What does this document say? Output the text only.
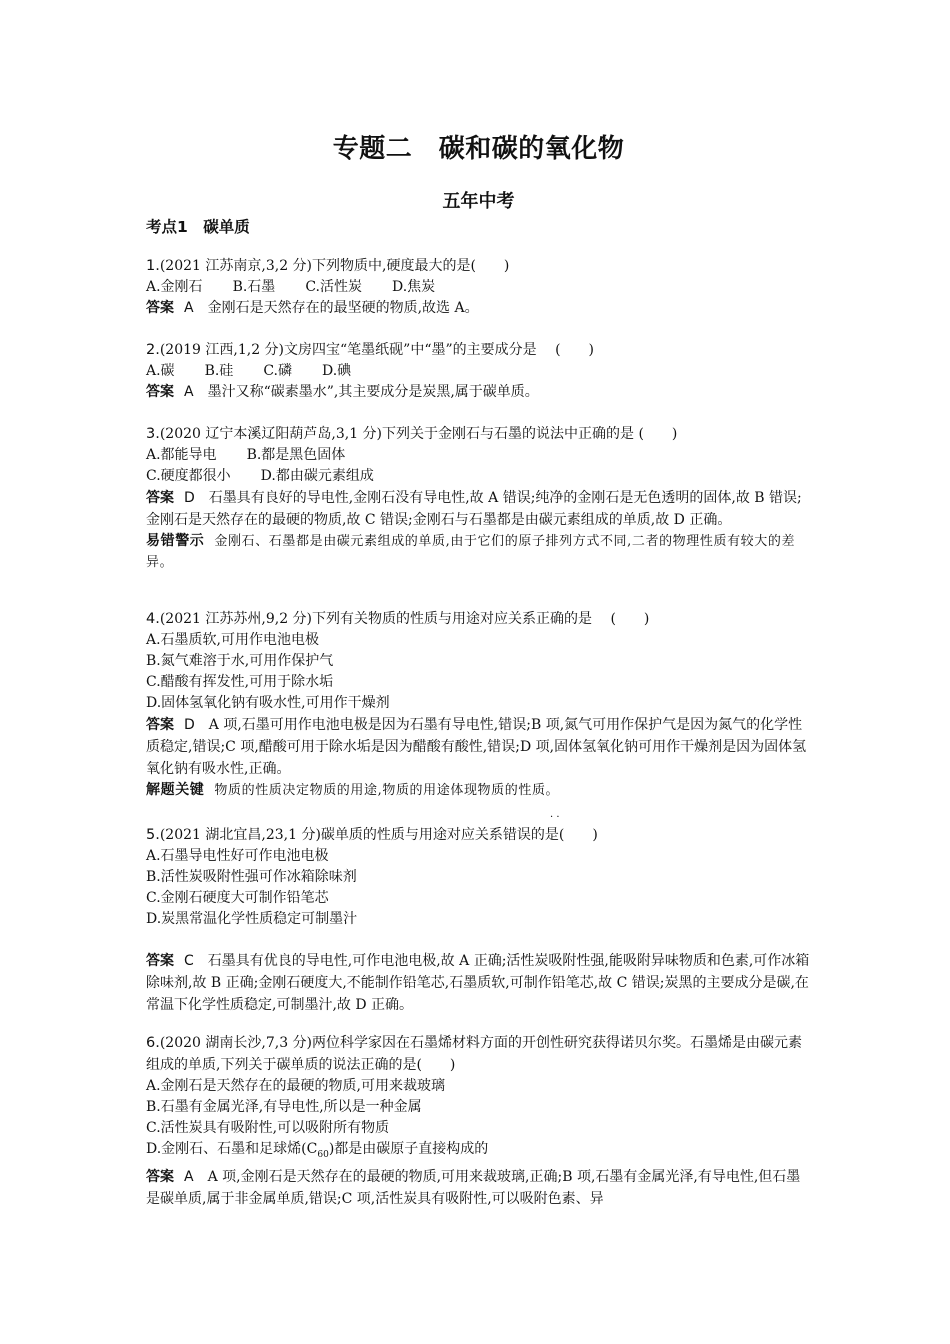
专题二　碳和碳的氧化物
五年中考
考点1　碳单质
1.(2021 江苏南京,3,2 分)下列物质中,硬度最大的是(　　)
A.金刚石 B.石墨 C.活性炭 D.焦炭
答案 A 金刚石是天然存在的最坚硬的物质,故选 A。
2.(2019 江西,1,2 分)文房四宝“笔墨纸砚”中“墨”的主要成分是　 (　　)
A.碳 B.硅 C.磷 D.碘
答案 A 墨汁又称“碳素墨水”,其主要成分是炭黑,属于碳单质。
3.(2020 辽宁本溪辽阳葫芦岛,3,1 分)下列关于金刚石与石墨的说法中正确的是 (　　)
A.都能导电 B.都是黑色固体
C.硬度都很小 D.都由碳元素组成
答案 D 石墨具有良好的导电性,金刚石没有导电性,故 A 错误;纯净的金刚石是无色透明的固体,故 B 错误;金刚石是天然存在的最硬的物质,故 C 错误;金刚石与石墨都是由碳元素组成的单质,故 D 正确。
易错警示 金刚石、石墨都是由碳元素组成的单质,由于它们的原子排列方式不同,二者的物理性质有较大的差异。
4.(2021 江苏苏州,9,2 分)下列有关物质的性质与用途对应关系正确的是　 (　　)
A.石墨质软,可用作电池电极
B.氮气难溶于水,可用作保护气
C.醋酸有挥发性,可用于除水垢
D.固体氢氧化钠有吸水性,可用作干燥剂
答案 D A 项,石墨可用作电池电极是因为石墨有导电性,错误;B 项,氮气可用作保护气是因为氮气的化学性质稳定,错误;C 项,醋酸可用于除水垢是因为醋酸有酸性,错误;D 项,固体氢氧化钠可用作干燥剂是因为固体氢氧化钠有吸水性,正确。
解题关键 物质的性质决定物质的用途,物质的用途体现物质的性质。
· ·
5.(2021 湖北宜昌,23,1 分)碳单质的性质与用途对应关系错误的是(　　)
A.石墨导电性好可作电池电极
B.活性炭吸附性强可作冰箱除味剂
C.金刚石硬度大可制作铅笔芯
D.炭黑常温化学性质稳定可制墨汁
答案 C 石墨具有优良的导电性,可作电池电极,故 A 正确;活性炭吸附性强,能吸附异味物质和色素,可作冰箱除味剂,故 B 正确;金刚石硬度大,不能制作铅笔芯,石墨质软,可制作铅笔芯,故 C 错误;炭黑的主要成分是碳,在常温下化学性质稳定,可制墨汁,故 D 正确。
6.(2020 湖南长沙,7,3 分)两位科学家因在石墨烯材料方面的开创性研究获得诺贝尔奖。石墨烯是由碳元素组成的单质,下列关于碳单质的说法正确的是(　　)
A.金刚石是天然存在的最硬的物质,可用来裁玻璃
B.石墨有金属光泽,有导电性,所以是一种金属
C.活性炭具有吸附性,可以吸附所有物质
D.金刚石、石墨和足球烯$(C_{60})$都是由碳原子直接构成的
答案 A A 项,金刚石是天然存在的最硬的物质,可用来裁玻璃,正确;B 项,石墨有金属光泽,有导电性,但石墨是碳单质,属于非金属单质,错误;C 项,活性炭具有吸附性,可以吸附色素、异
